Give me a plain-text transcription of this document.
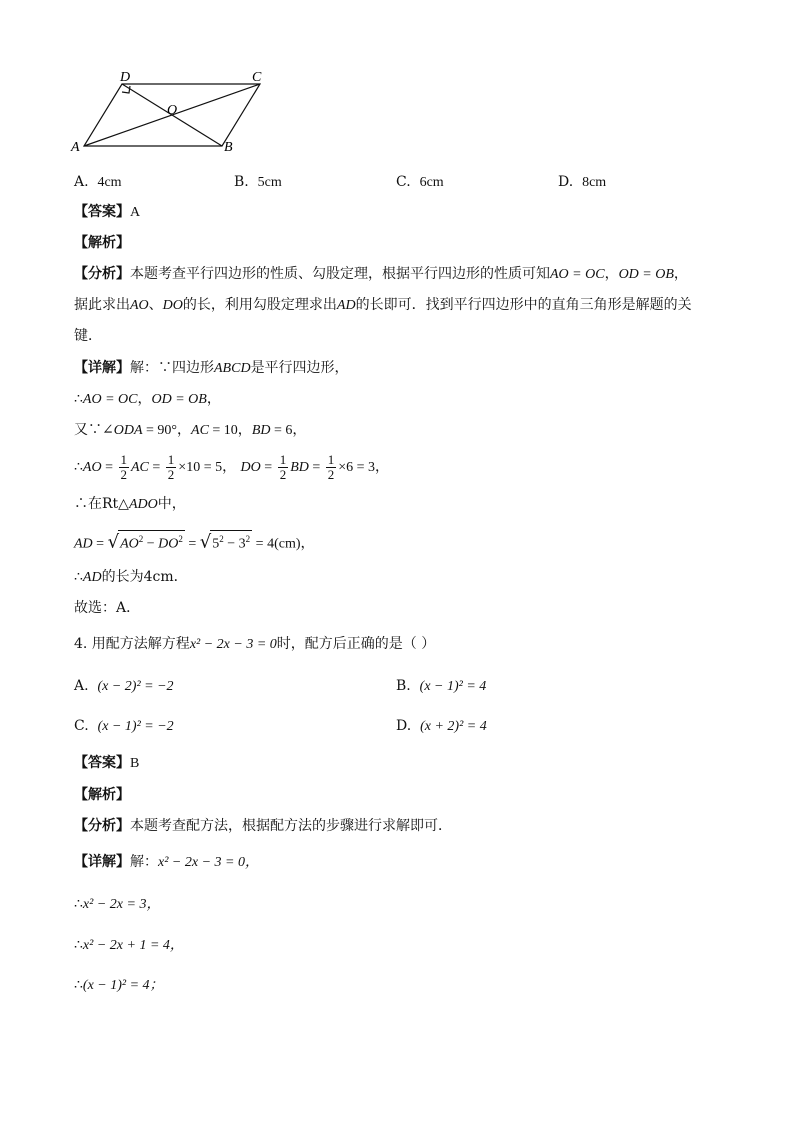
D	C
O
A	B
A. 4cm	B. 5cm	C. 6cm	D. 8cm
【答案】A
【解析】
【分析】本题考查平行四边形的性质、勾股定理，根据平行四边形的性质可知AO = OC，OD = OB，
据此求出AO、DO的长，利用勾股定理求出AD的长即可．找到平行四边形中的直角三角形是解题的关
键．
【详解】解：∵四边形ABCD是平行四边形，
∴AO = OC，OD = OB，
又∵∠ODA = 90°，AC = 10，BD = 6，
∴AO = $\frac{1}{2}$ AC = $\frac{1}{2} \times 10 = 5$， DO = $\frac{1}{2}$ BD = $\frac{1}{2} \times 6 = 3$，
∴在Rt△ADO中，
AD = $√AO^2 - DO^2 = √5^2 - 3^2 = 4(cm)$，
∴AD的长为4cm．
故选：A．
4. 用配方法解方程x² − 2x − 3 = 0时，配方后正确的是（ ）
A. (x − 2)² = −2	B. (x − 1)² = 4
C. (x − 1)² = −2	D. (x + 2)² = 4
【答案】B
【解析】
【分析】本题考查配方法，根据配方法的步骤进行求解即可．
【详解】解：x² − 2x − 3 = 0，
∴x² − 2x = 3，
∴x² − 2x + 1 = 4，
∴(x − 1)² = 4；
